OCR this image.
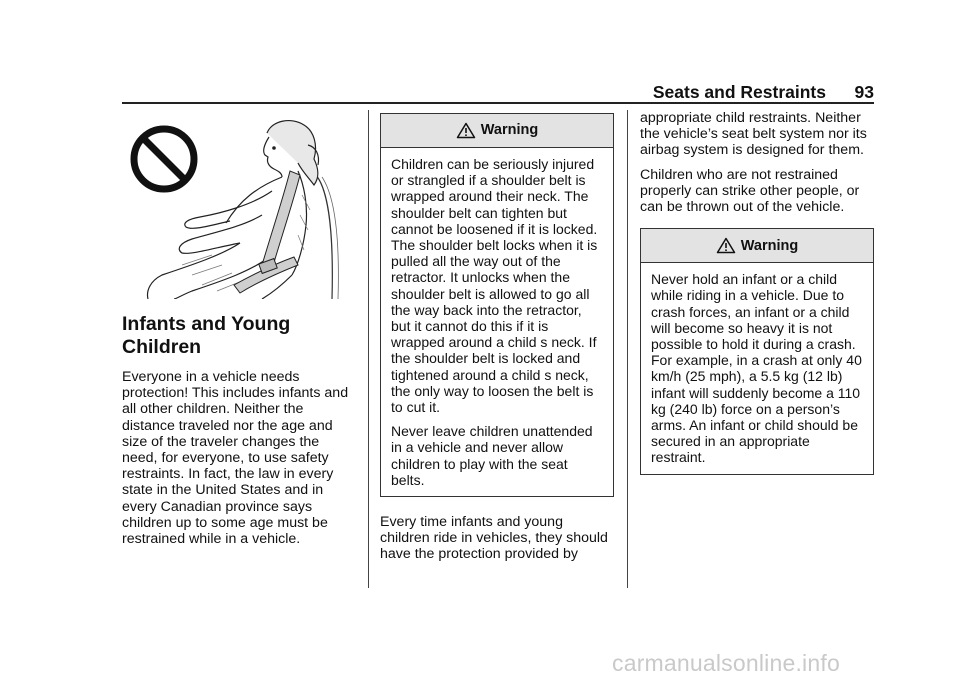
Seats and Restraints 93
Infants and Young Children

Everyone in a vehicle needs protection! This includes infants and all other children. Neither the distance traveled nor the age and size of the traveler changes the need, for everyone, to use safety restraints. In fact, the law in every state in the United States and in every Canadian province says children up to some age must be restrained while in a vehicle.

Warning

Children can be seriously injured or strangled if a shoulder belt is wrapped around their neck. The shoulder belt can tighten but cannot be loosened if it is locked. The shoulder belt locks when it is pulled all the way out of the retractor. It unlocks when the shoulder belt is allowed to go all the way back into the retractor, but it cannot do this if it is wrapped around a child s neck. If the shoulder belt is locked and tightened around a child s neck, the only way to loosen the belt is to cut it.

Never leave children unattended in a vehicle and never allow children to play with the seat belts.

Every time infants and young children ride in vehicles, they should have the protection provided by

appropriate child restraints. Neither the vehicle’s seat belt system nor its airbag system is designed for them.

Children who are not restrained properly can strike other people, or can be thrown out of the vehicle.

Warning

Never hold an infant or a child while riding in a vehicle. Due to crash forces, an infant or a child will become so heavy it is not possible to hold it during a crash. For example, in a crash at only 40 km/h (25 mph), a 5.5 kg (12 lb) infant will suddenly become a 110 kg (240 lb) force on a person’s arms. An infant or child should be secured in an appropriate restraint.

carmanualsonline.info
